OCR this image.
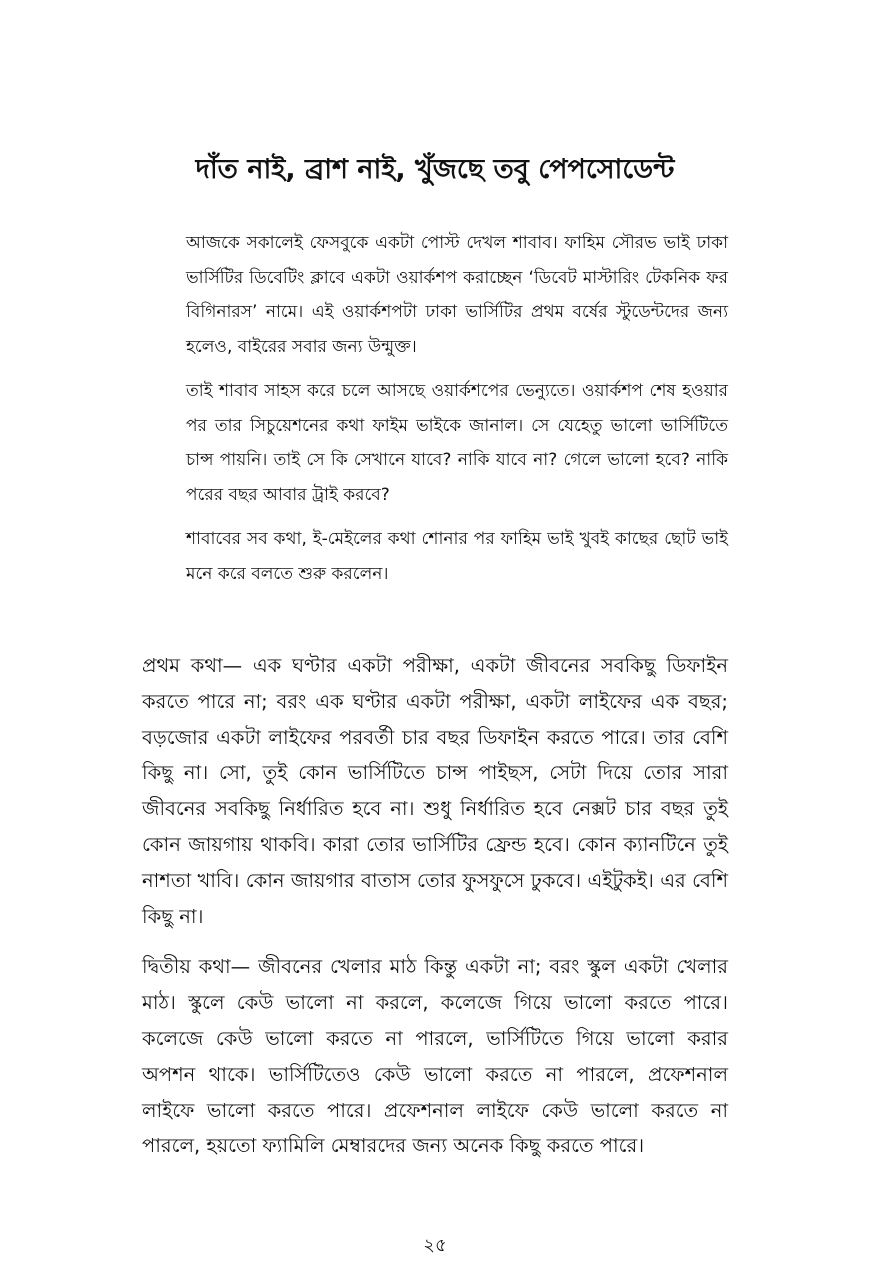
দাঁত নাই, ব্রাশ নাই, খুঁজছে তবু পেপসোডেন্ট

আজকে সকালেই ফেসবুকে একটা পোস্ট দেখল শাবাব। ফাহিম সৌরভ ভাই ঢাকা ভার্সিটির ডিবেটিং ক্লাবে একটা ওয়ার্কশপ করাচ্ছেন ‘ডিবেট মাস্টারিং টেকনিক ফর বিগিনারস’ নামে। এই ওয়ার্কশপটা ঢাকা ভার্সিটির প্রথম বর্ষের স্টুডেন্টদের জন্য হলেও, বাইরের সবার জন্য উন্মুক্ত।

তাই শাবাব সাহস করে চলে আসছে ওয়ার্কশপের ভেন্যুতে। ওয়ার্কশপ শেষ হওয়ার পর তার সিচুয়েশনের কথা ফাইম ভাইকে জানাল। সে যেহেতু ভালো ভার্সিটিতে চান্স পায়নি। তাই সে কি সেখানে যাবে? নাকি যাবে না? গেলে ভালো হবে? নাকি পরের বছর আবার ট্রাই করবে?

শাবাবের সব কথা, ই-মেইলের কথা শোনার পর ফাহিম ভাই খুবই কাছের ছোট ভাই মনে করে বলতে শুরু করলেন।

প্রথম কথা— এক ঘণ্টার একটা পরীক্ষা, একটা জীবনের সবকিছু ডিফাইন করতে পারে না; বরং এক ঘণ্টার একটা পরীক্ষা, একটা লাইফের এক বছর; বড়জোর একটা লাইফের পরবর্তী চার বছর ডিফাইন করতে পারে। তার বেশি কিছু না। সো, তুই কোন ভার্সিটিতে চান্স পাইছস, সেটা দিয়ে তোর সারা জীবনের সবকিছু নির্ধারিত হবে না। শুধু নির্ধারিত হবে নেক্সট চার বছর তুই কোন জায়গায় থাকবি। কারা তোর ভার্সিটির ফ্রেন্ড হবে। কোন ক্যানটিনে তুই নাশতা খাবি। কোন জায়গার বাতাস তোর ফুসফুসে ঢুকবে। এইটুকই। এর বেশি কিছু না।

দ্বিতীয় কথা— জীবনের খেলার মাঠ কিন্তু একটা না; বরং স্কুল একটা খেলার মাঠ। স্কুলে কেউ ভালো না করলে, কলেজে গিয়ে ভালো করতে পারে। কলেজে কেউ ভালো করতে না পারলে, ভার্সিটিতে গিয়ে ভালো করার অপশন থাকে। ভার্সিটিতেও কেউ ভালো করতে না পারলে, প্রফেশনাল লাইফে ভালো করতে পারে। প্রফেশনাল লাইফে কেউ ভালো করতে না পারলে, হয়তো ফ্যামিলি মেম্বারদের জন্য অনেক কিছু করতে পারে।

২৫
